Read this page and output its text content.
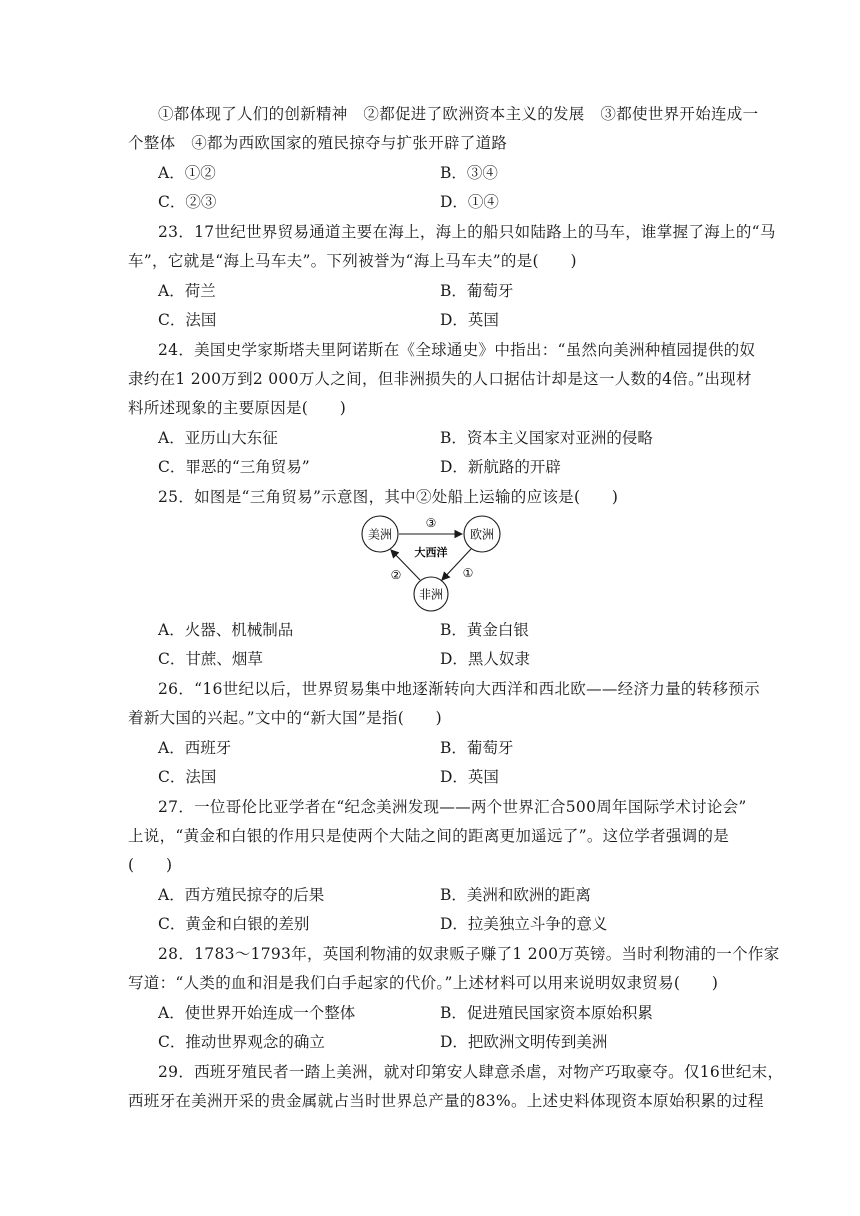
①都体现了人们的创新精神　②都促进了欧洲资本主义的发展　③都使世界开始连成一
个整体　④都为西欧国家的殖民掠夺与扩张开辟了道路
A．①②	B．③④
C．②③	D．①④
23．17世纪世界贸易通道主要在海上，海上的船只如陆路上的马车，谁掌握了海上的“马
车”，它就是“海上马车夫”。下列被誉为“海上马车夫”的是(　　)
A．荷兰	B．葡萄牙
C．法国	D．英国
24．美国史学家斯塔夫里阿诺斯在《全球通史》中指出：“虽然向美洲种植园提供的奴
隶约在1 200万到2 000万人之间，但非洲损失的人口据估计却是这一人数的4倍。”出现材
料所述现象的主要原因是(　　)
A．亚历山大东征	B．资本主义国家对亚洲的侵略
C．罪恶的“三角贸易”	D．新航路的开辟
25．如图是“三角贸易”示意图，其中②处船上运输的应该是(　　)
美洲	欧洲
非洲
③
大西洋
②	①
A．火器、机械制品	B．黄金白银
C．甘蔗、烟草	D．黑人奴隶
26．“16世纪以后，世界贸易集中地逐渐转向大西洋和西北欧——经济力量的转移预示
着新大国的兴起。”文中的“新大国”是指(　　)
A．西班牙	B．葡萄牙
C．法国	D．英国
27．一位哥伦比亚学者在“纪念美洲发现——两个世界汇合500周年国际学术讨论会”
上说，“黄金和白银的作用只是使两个大陆之间的距离更加遥远了”。这位学者强调的是
(　　)
A．西方殖民掠夺的后果	B．美洲和欧洲的距离
C．黄金和白银的差别	D．拉美独立斗争的意义
28．1783～1793年，英国利物浦的奴隶贩子赚了1 200万英镑。当时利物浦的一个作家
写道：“人类的血和泪是我们白手起家的代价。”上述材料可以用来说明奴隶贸易(　　)
A．使世界开始连成一个整体	B．促进殖民国家资本原始积累
C．推动世界观念的确立	D．把欧洲文明传到美洲
29．西班牙殖民者一踏上美洲，就对印第安人肆意杀虐，对物产巧取豪夺。仅16世纪末，
西班牙在美洲开采的贵金属就占当时世界总产量的83%。上述史料体现资本原始积累的过程
